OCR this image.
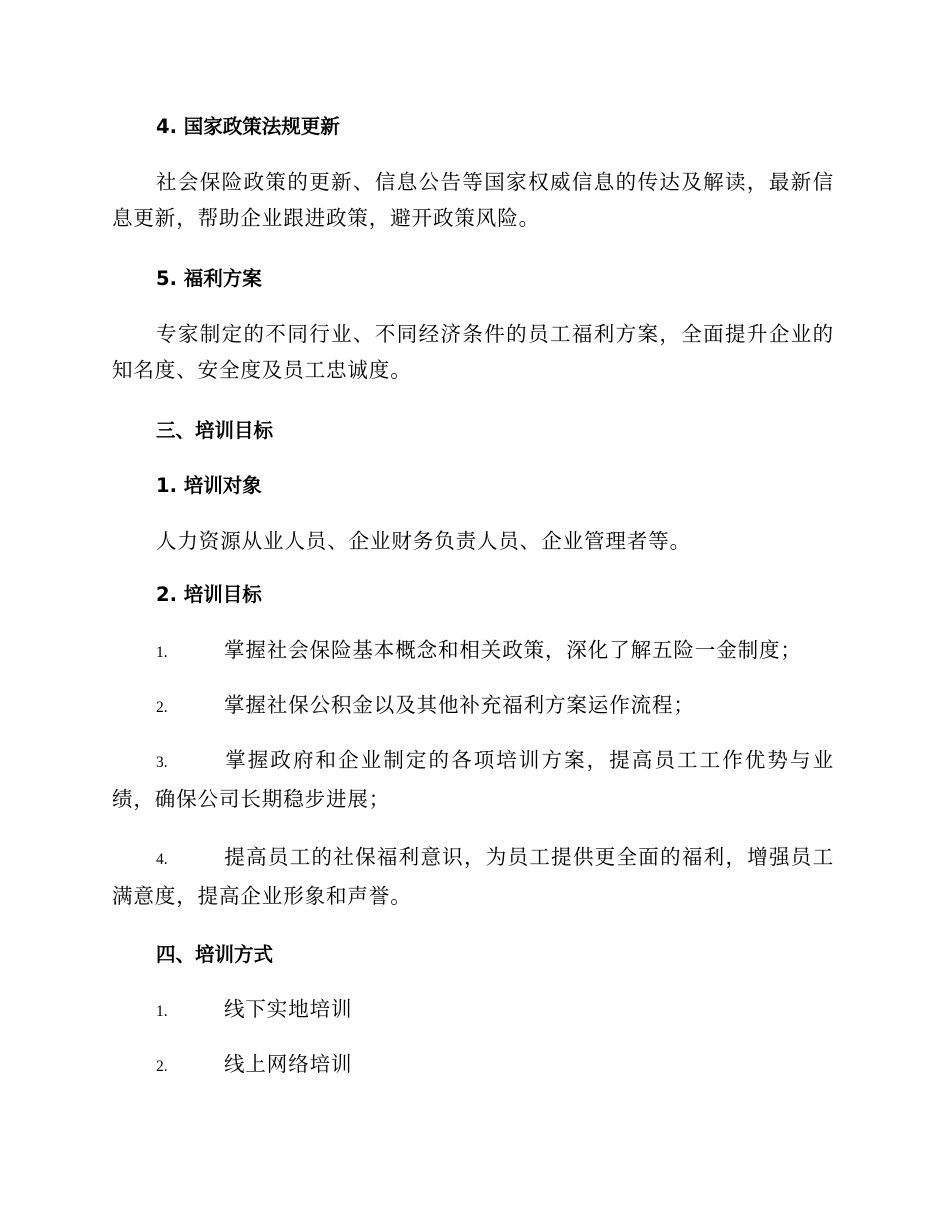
4. 国家政策法规更新
社会保险政策的更新、信息公告等国家权威信息的传达及解读，最新信息更新，帮助企业跟进政策，避开政策风险。
5. 福利方案
专家制定的不同行业、不同经济条件的员工福利方案，全面提升企业的知名度、安全度及员工忠诚度。
三、培训目标
1. 培训对象
人力资源从业人员、企业财务负责人员、企业管理者等。
2. 培训目标
1.	掌握社会保险基本概念和相关政策，深化了解五险一金制度；
2.	掌握社保公积金以及其他补充福利方案运作流程；
3.	掌握政府和企业制定的各项培训方案，提高员工工作优势与业绩，确保公司长期稳步进展；
4.	提高员工的社保福利意识，为员工提供更全面的福利，增强员工满意度，提高企业形象和声誉。
四、培训方式
1.	线下实地培训
2.	线上网络培训
